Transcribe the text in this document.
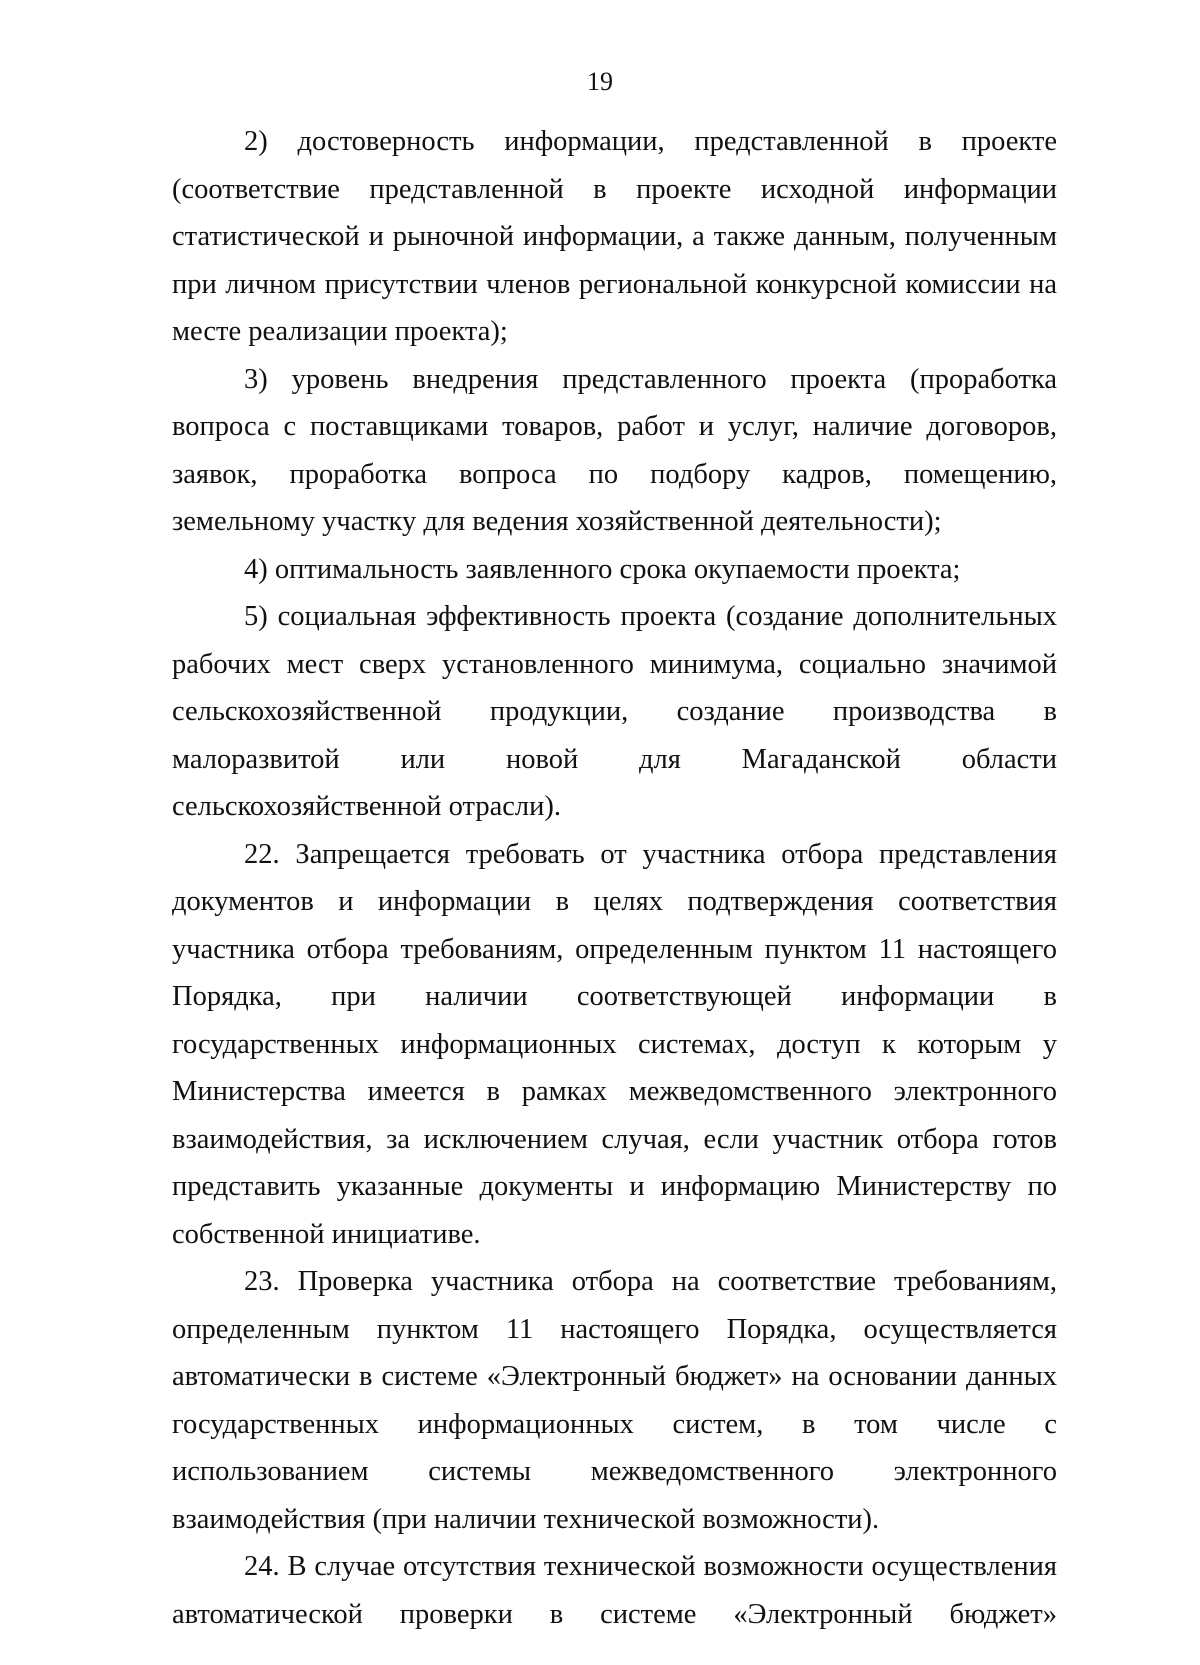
19

2) достоверность информации, представленной в проекте (соответствие представленной в проекте исходной информации статистической и рыночной информации, а также данным, полученным при личном присутствии членов региональной конкурсной комиссии на месте реализации проекта);

3) уровень внедрения представленного проекта (проработка вопроса с поставщиками товаров, работ и услуг, наличие договоров, заявок, проработка вопроса по подбору кадров, помещению, земельному участку для ведения хозяйственной деятельности);

4) оптимальность заявленного срока окупаемости проекта;

5) социальная эффективность проекта (создание дополнительных рабочих мест сверх установленного минимума, социально значимой сельскохозяйственной продукции, создание производства в малоразвитой или новой для Магаданской области сельскохозяйственной отрасли).

22. Запрещается требовать от участника отбора представления документов и информации в целях подтверждения соответствия участника отбора требованиям, определенным пунктом 11 настоящего Порядка, при наличии соответствующей информации в государственных информационных системах, доступ к которым у Министерства имеется в рамках межведомственного электронного взаимодействия, за исключением случая, если участник отбора готов представить указанные документы и информацию Министерству по собственной инициативе.

23. Проверка участника отбора на соответствие требованиям, определенным пунктом 11 настоящего Порядка, осуществляется автоматически в системе «Электронный бюджет» на основании данных государственных информационных систем, в том числе с использованием системы межведомственного электронного взаимодействия (при наличии технической возможности).

24. В случае отсутствия технической возможности осуществления автоматической проверки в системе «Электронный бюджет»
